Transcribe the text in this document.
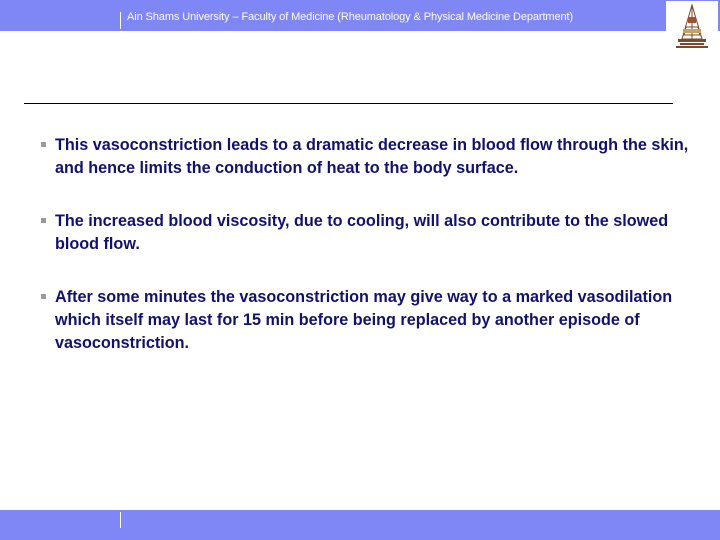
Ain Shams University – Faculty of Medicine (Rheumatology & Physical Medicine Department)
This vasoconstriction leads to a dramatic decrease in blood flow through the skin, and hence limits the conduction of heat to the body surface.
The increased blood viscosity, due to cooling, will also contribute to the slowed blood flow.
After some minutes the vasoconstriction may give way to a marked vasodilation which itself may last for 15 min before being replaced by another episode of vasoconstriction.
